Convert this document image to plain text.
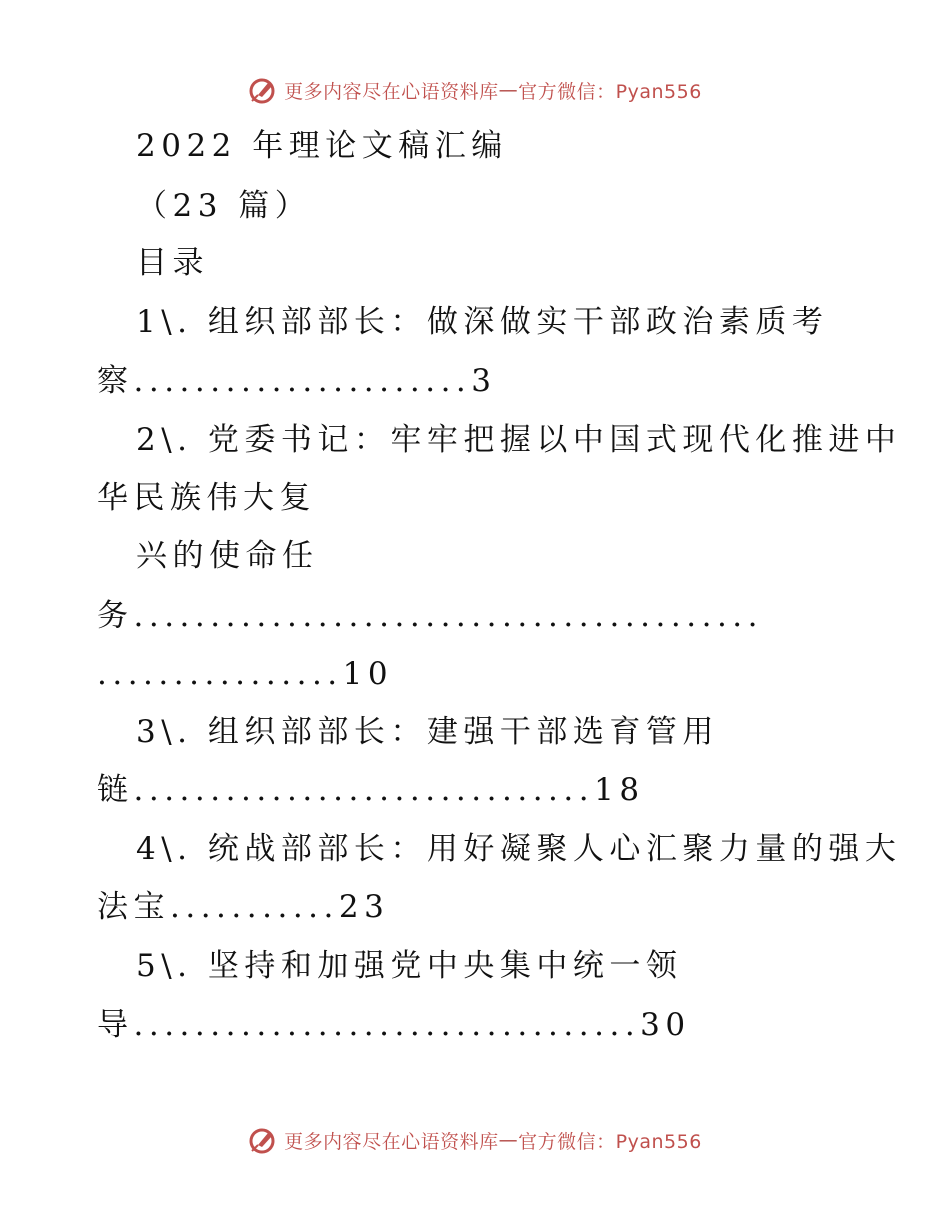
更多内容尽在心语资料库 — 官方微信：Pyan556
2022 年理论文稿汇编
（23 篇）
目录
1\. 组织部部长：做深做实干部政治素质考
察......................3
2\. 党委书记：牢牢把握以中国式现代化推进中
华民族伟大复
兴的使命任
务.........................................
................10
3\. 组织部部长：建强干部选育管用
链..............................18
4\. 统战部部长：用好凝聚人心汇聚力量的强大
法宝...........23
5\. 坚持和加强党中央集中统一领
导.................................30
更多内容尽在心语资料库 — 官方微信：Pyan556
